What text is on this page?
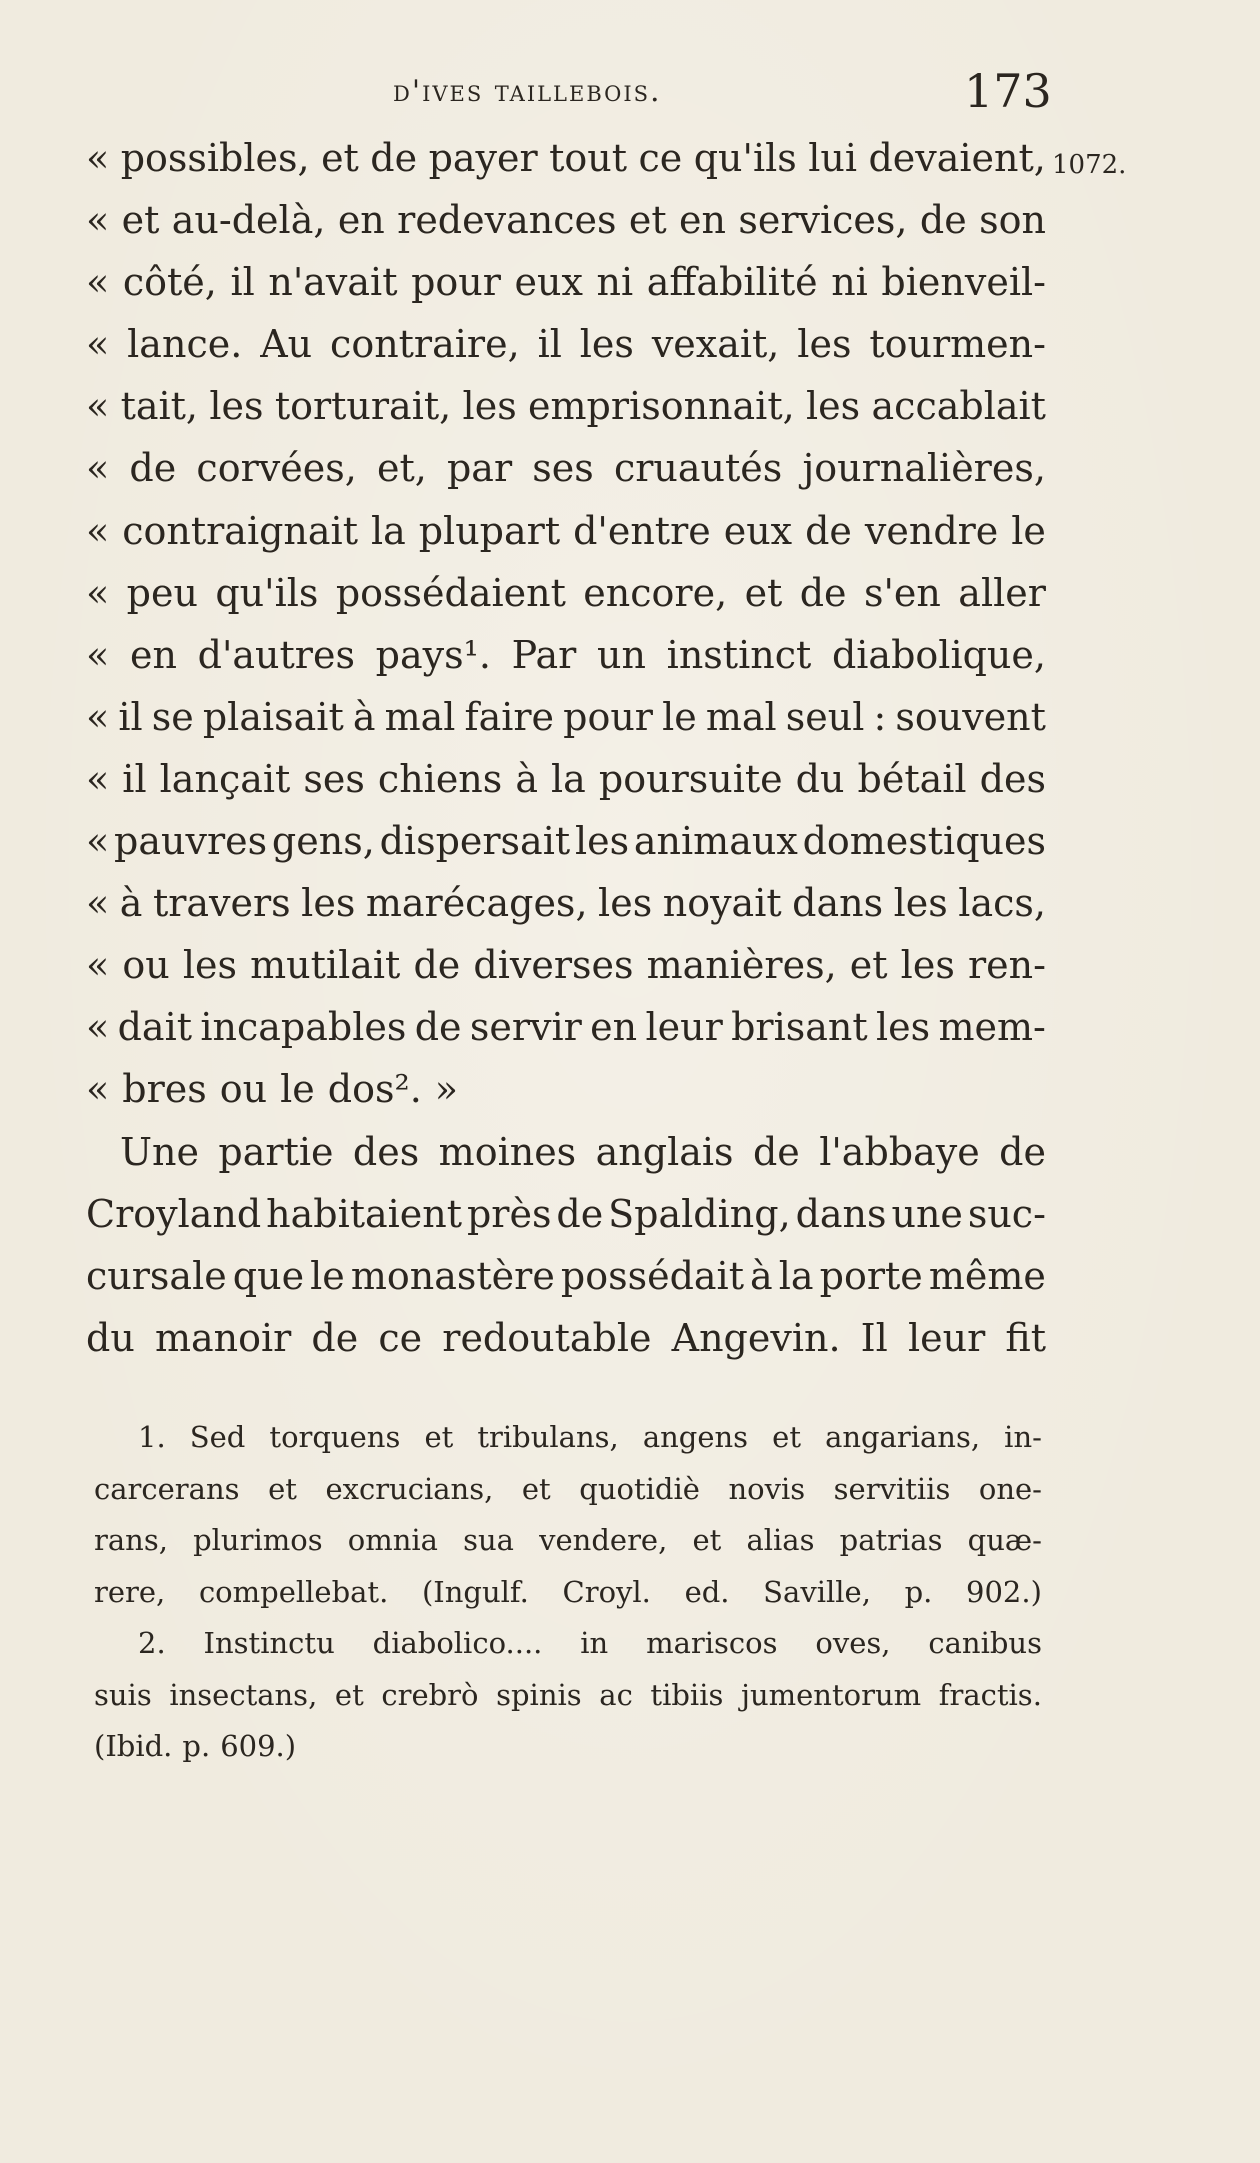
d'ives taillebois.	173
1072.
« possibles, et de payer tout ce qu'ils lui devaient,
« et au-delà, en redevances et en services, de son
« côté, il n'avait pour eux ni affabilité ni bienveil-
« lance. Au contraire, il les vexait, les tourmen-
« tait, les torturait, les emprisonnait, les accablait
« de corvées, et, par ses cruautés journalières,
« contraignait la plupart d'entre eux de vendre le
« peu qu'ils possédaient encore, et de s'en aller
« en d'autres pays¹. Par un instinct diabolique,
« il se plaisait à mal faire pour le mal seul : souvent
« il lançait ses chiens à la poursuite du bétail des
« pauvres gens, dispersait les animaux domestiques
« à travers les marécages, les noyait dans les lacs,
« ou les mutilait de diverses manières, et les ren-
« dait incapables de servir en leur brisant les mem-
« bres ou le dos². »
Une partie des moines anglais de l'abbaye de
Croyland habitaient près de Spalding, dans une suc-
cursale que le monastère possédait à la porte même
du manoir de ce redoutable Angevin. Il leur fit
1. Sed torquens et tribulans, angens et angarians, in-
carcerans et excrucians, et quotidiè novis servitiis one-
rans, plurimos omnia sua vendere, et alias patrias quæ-
rere, compellebat. (Ingulf. Croyl. ed. Saville, p. 902.)
2. Instinctu diabolico.... in mariscos oves, canibus
suis insectans, et crebrò spinis ac tibiis jumentorum fractis.
(Ibid. p. 609.)
